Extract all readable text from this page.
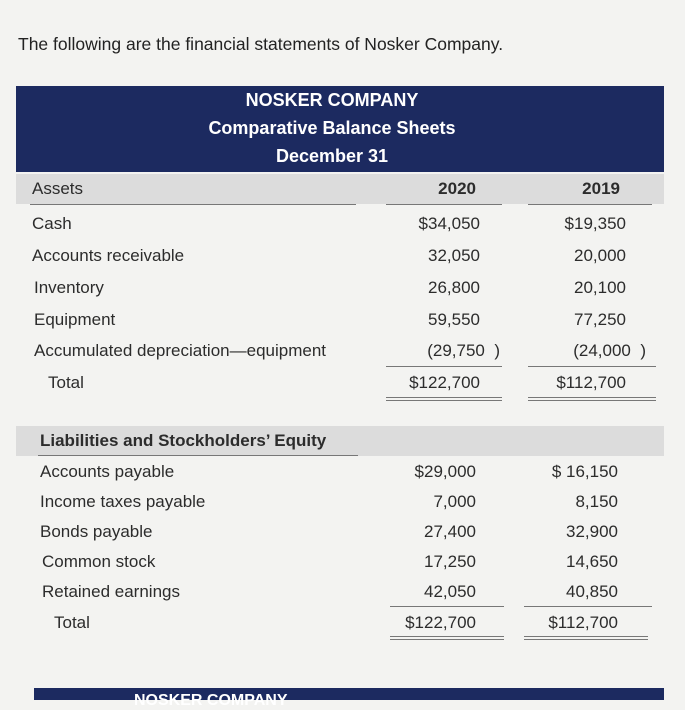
The following are the financial statements of Nosker Company.
NOSKER COMPANY
Comparative Balance Sheets
December 31
Assets	2020	2019
Cash	$34,050	$19,350
Accounts receivable	32,050	20,000
Inventory	26,800	20,100
Equipment	59,550	77,250
Accumulated depreciation—equipment	(29,750  )	(24,000  )
Total	$122,700	$112,700
Liabilities and Stockholders’ Equity
Accounts payable	$29,000	$ 16,150
Income taxes payable	7,000	8,150
Bonds payable	27,400	32,900
Common stock	17,250	14,650
Retained earnings	42,050	40,850
Total	$122,700	$112,700
NOSKER COMPANY
